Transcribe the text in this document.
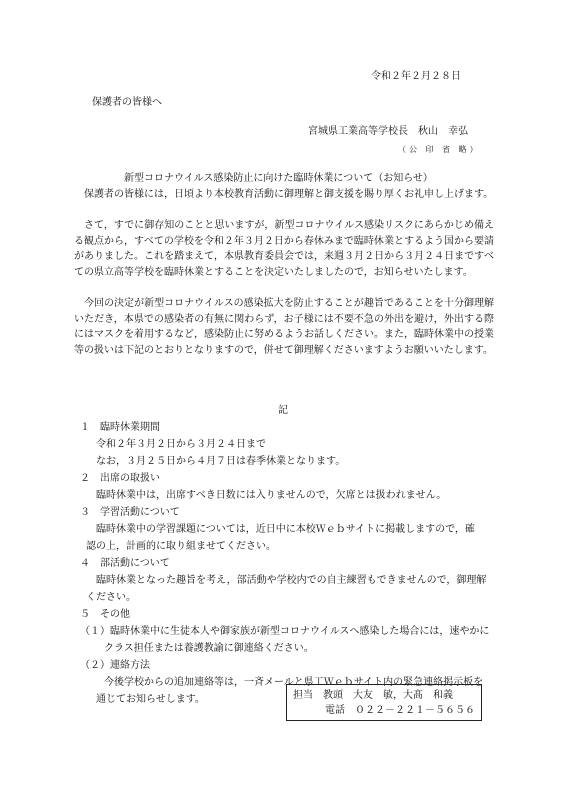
令和２年２月２８日
保護者の皆様へ
宮城県工業高等学校長　秋山　幸弘
（公 印 省 略）
新型コロナウイルス感染防止に向けた臨時休業について（お知らせ）
保護者の皆様には，日頃より本校教育活動に御理解と御支援を賜り厚くお礼申し上げます。
さて，すでに御存知のことと思いますが，新型コロナウイルス感染リスクにあらかじめ備える観点から，すべての学校を令和２年３月２日から春休みまで臨時休業とするよう国から要請がありました。これを踏まえて，本県教育委員会では，来週３月２日から３月２４日まですべての県立高等学校を臨時休業とすることを決定いたしましたので，お知らせいたします。
今回の決定が新型コロナウイルスの感染拡大を防止することが趣旨であることを十分御理解いただき，本県での感染者の有無に関わらず，お子様には不要不急の外出を避け，外出する際にはマスクを着用するなど，感染防止に努めるようお話しください。また，臨時休業中の授業等の扱いは下記のとおりとなりますので，併せて御理解くださいますようお願いいたします。
記
１　臨時休業期間
令和２年３月２日から３月２４日まで
なお，３月２５日から４月７日は春季休業となります。
２　出席の取扱い
臨時休業中は，出席すべき日数には入りませんので，欠席とは扱われません。
３　学習活動について
臨時休業中の学習課題については，近日中に本校Ｗｅｂサイトに掲載しますので，確
認の上，計画的に取り組ませてください。
４　部活動について
臨時休業となった趣旨を考え，部活動や学校内での自主練習もできませんので，御理解
ください。
５　その他
（１）臨時休業中に生徒本人や御家族が新型コロナウイルスへ感染した場合には，速やかに
クラス担任または養護教諭に御連絡ください。
（２）連絡方法
今後学校からの追加連絡等は，一斉メールと県工Ｗｅｂサイト内の緊急連絡掲示板を
通じてお知らせします。	担当　教頭　大友　敏，大髙　和義
電話　０２２－２２１－５６５６
